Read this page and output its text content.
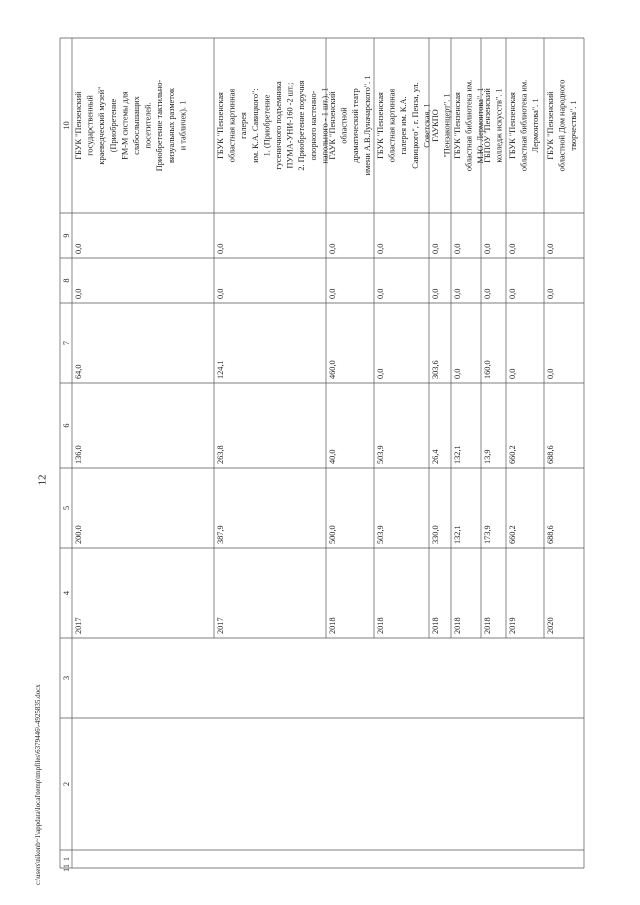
12
c:\users\nikonb~1\appdata\local\temp\tmpfiles\6379446\-4925835.docx 1
2
3
4
5
6
7
8
9
10
11
2017
200,0
136,0
64,0
0,0
0,0
ГБУК "Пензенский государственный краеведческий музей" (Приобретение FM-М системы для слабослышащих посетителей. Приобретение тактильно- визуальных разметок и табличек). 1
2017
387,9
263,8
124,1
0,0
0,0
ГБУК "Пензенская областная картинная галерея им. К.А. Савицкого": 1. (Приобретение гусеничного подъемника ПУМА-УНИ-160 -2 шт.; 2. Приобретение поручня опорного настенно- напольного - 1 шт.). 1
2018
500,0
40,0
460,0
0,0
0,0
ГАУК "Пензенский областной драматический театр имени А.В.Луначарского". 1
2018
503,9
503,9
0,0
0,0
0,0
ГБУК "Пензенская областная картинная галерея им. К.А. Савицкого", г. Пенза, ул. Советская, 1
2018
330,0
26,4
303,6
0,0
0,0
ГАУКПО "Пензаконцерт". 1
2018
132,1
132,1
0,0
0,0
0,0
ГБУК "Пензенская областная библиотека им. М.Ю. Лермонтова". 1
2018
173,9
13,9
160,0
0,0
0,0
ГБПОУ "Пензенский колледж искусств". 1
2019
660,2
660,2
0,0
0,0
0,0
ГБУК "Пензенская областная библиотека им. Лермонтова". 1
2020
688,6
688,6
0,0
0,0
0,0
ГБУК "Пензенский областной Дом народного творчества". 1
